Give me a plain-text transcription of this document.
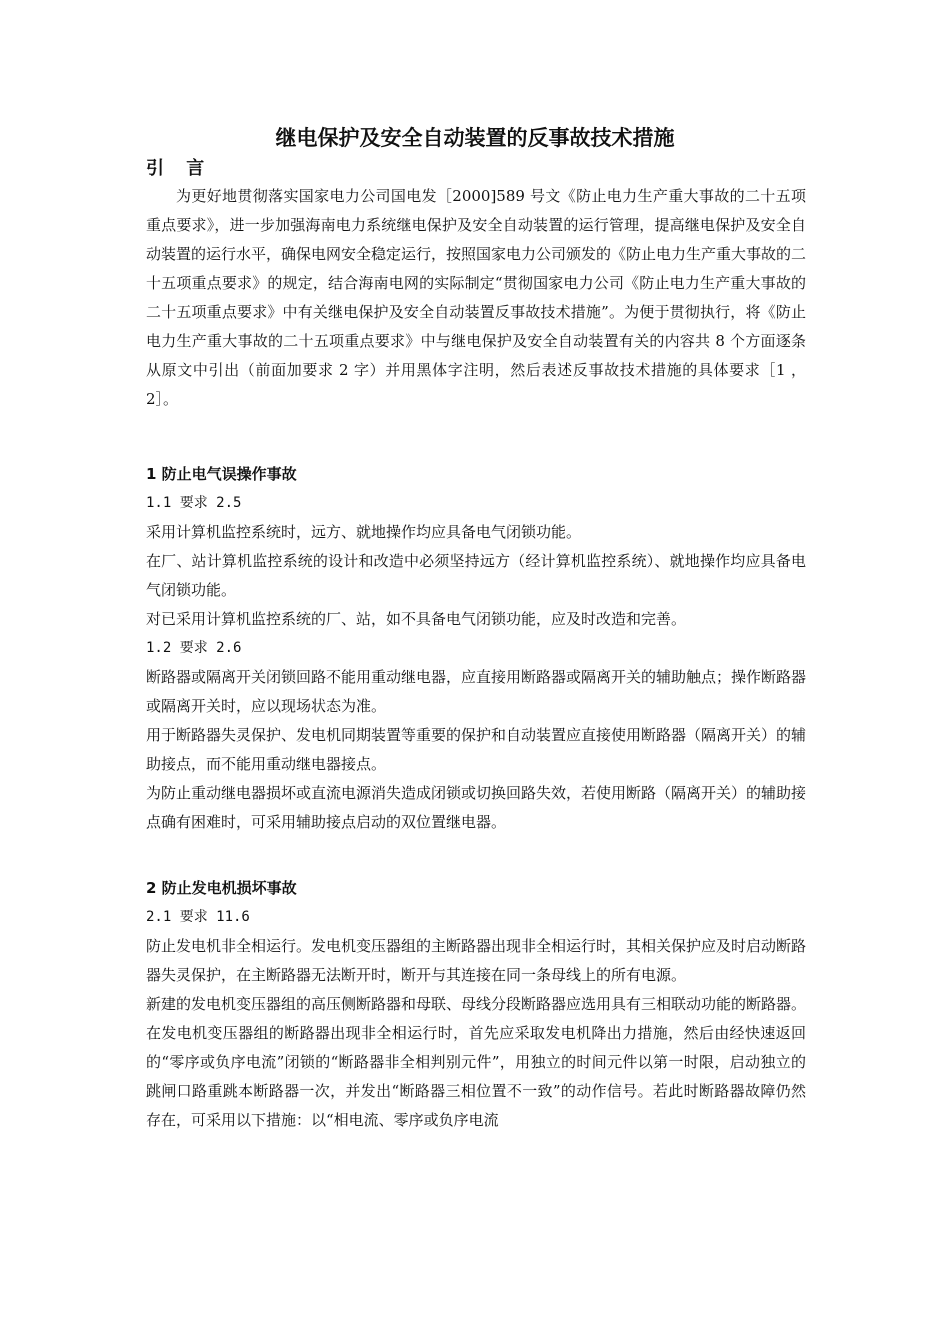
继电保护及安全自动装置的反事故技术措施
引 言
为更好地贯彻落实国家电力公司国电发［2000]589 号文《防止电力生产重大事故的二十五项重点要求》，进一步加强海南电力系统继电保护及安全自动装置的运行管理，提高继电保护及安全自动装置的运行水平，确保电网安全稳定运行，按照国家电力公司颁发的《防止电力生产重大事故的二十五项重点要求》的规定，结合海南电网的实际制定“贯彻国家电力公司《防止电力生产重大事故的二十五项重点要求》中有关继电保护及安全自动装置反事故技术措施”。为便于贯彻执行，将《防止电力生产重大事故的二十五项重点要求》中与继电保护及安全自动装置有关的内容共 8 个方面逐条从原文中引出（前面加要求 2 字）并用黑体字注明，然后表述反事故技术措施的具体要求［1 ， 2］。
1 防止电气误操作事故
1.1 要求 2.5
采用计算机监控系统时，远方、就地操作均应具备电气闭锁功能。
在厂、站计算机监控系统的设计和改造中必须坚持远方（经计算机监控系统）、就地操作均应具备电气闭锁功能。
对已采用计算机监控系统的厂、站，如不具备电气闭锁功能，应及时改造和完善。
1.2 要求 2.6
断路器或隔离开关闭锁回路不能用重动继电器，应直接用断路器或隔离开关的辅助触点；操作断路器或隔离开关时，应以现场状态为准。
用于断路器失灵保护、发电机同期装置等重要的保护和自动装置应直接使用断路器（隔离开关）的辅助接点，而不能用重动继电器接点。
为防止重动继电器损坏或直流电源消失造成闭锁或切换回路失效，若使用断路（隔离开关）的辅助接点确有困难时，可采用辅助接点启动的双位置继电器。
2 防止发电机损坏事故
2.1 要求 11.6
防止发电机非全相运行。发电机变压器组的主断路器出现非全相运行时，其相关保护应及时启动断路器失灵保护，在主断路器无法断开时，断开与其连接在同一条母线上的所有电源。
新建的发电机变压器组的高压侧断路器和母联、母线分段断路器应选用具有三相联动功能的断路器。
在发电机变压器组的断路器出现非全相运行时，首先应采取发电机降出力措施，然后由经快速返回的“零序或负序电流”闭锁的“断路器非全相判别元件”，用独立的时间元件以第一时限，启动独立的跳闸口路重跳本断路器一次，并发出“断路器三相位置不一致”的动作信号。若此时断路器故障仍然存在，可采用以下措施：以“相电流、零序或负序电流
